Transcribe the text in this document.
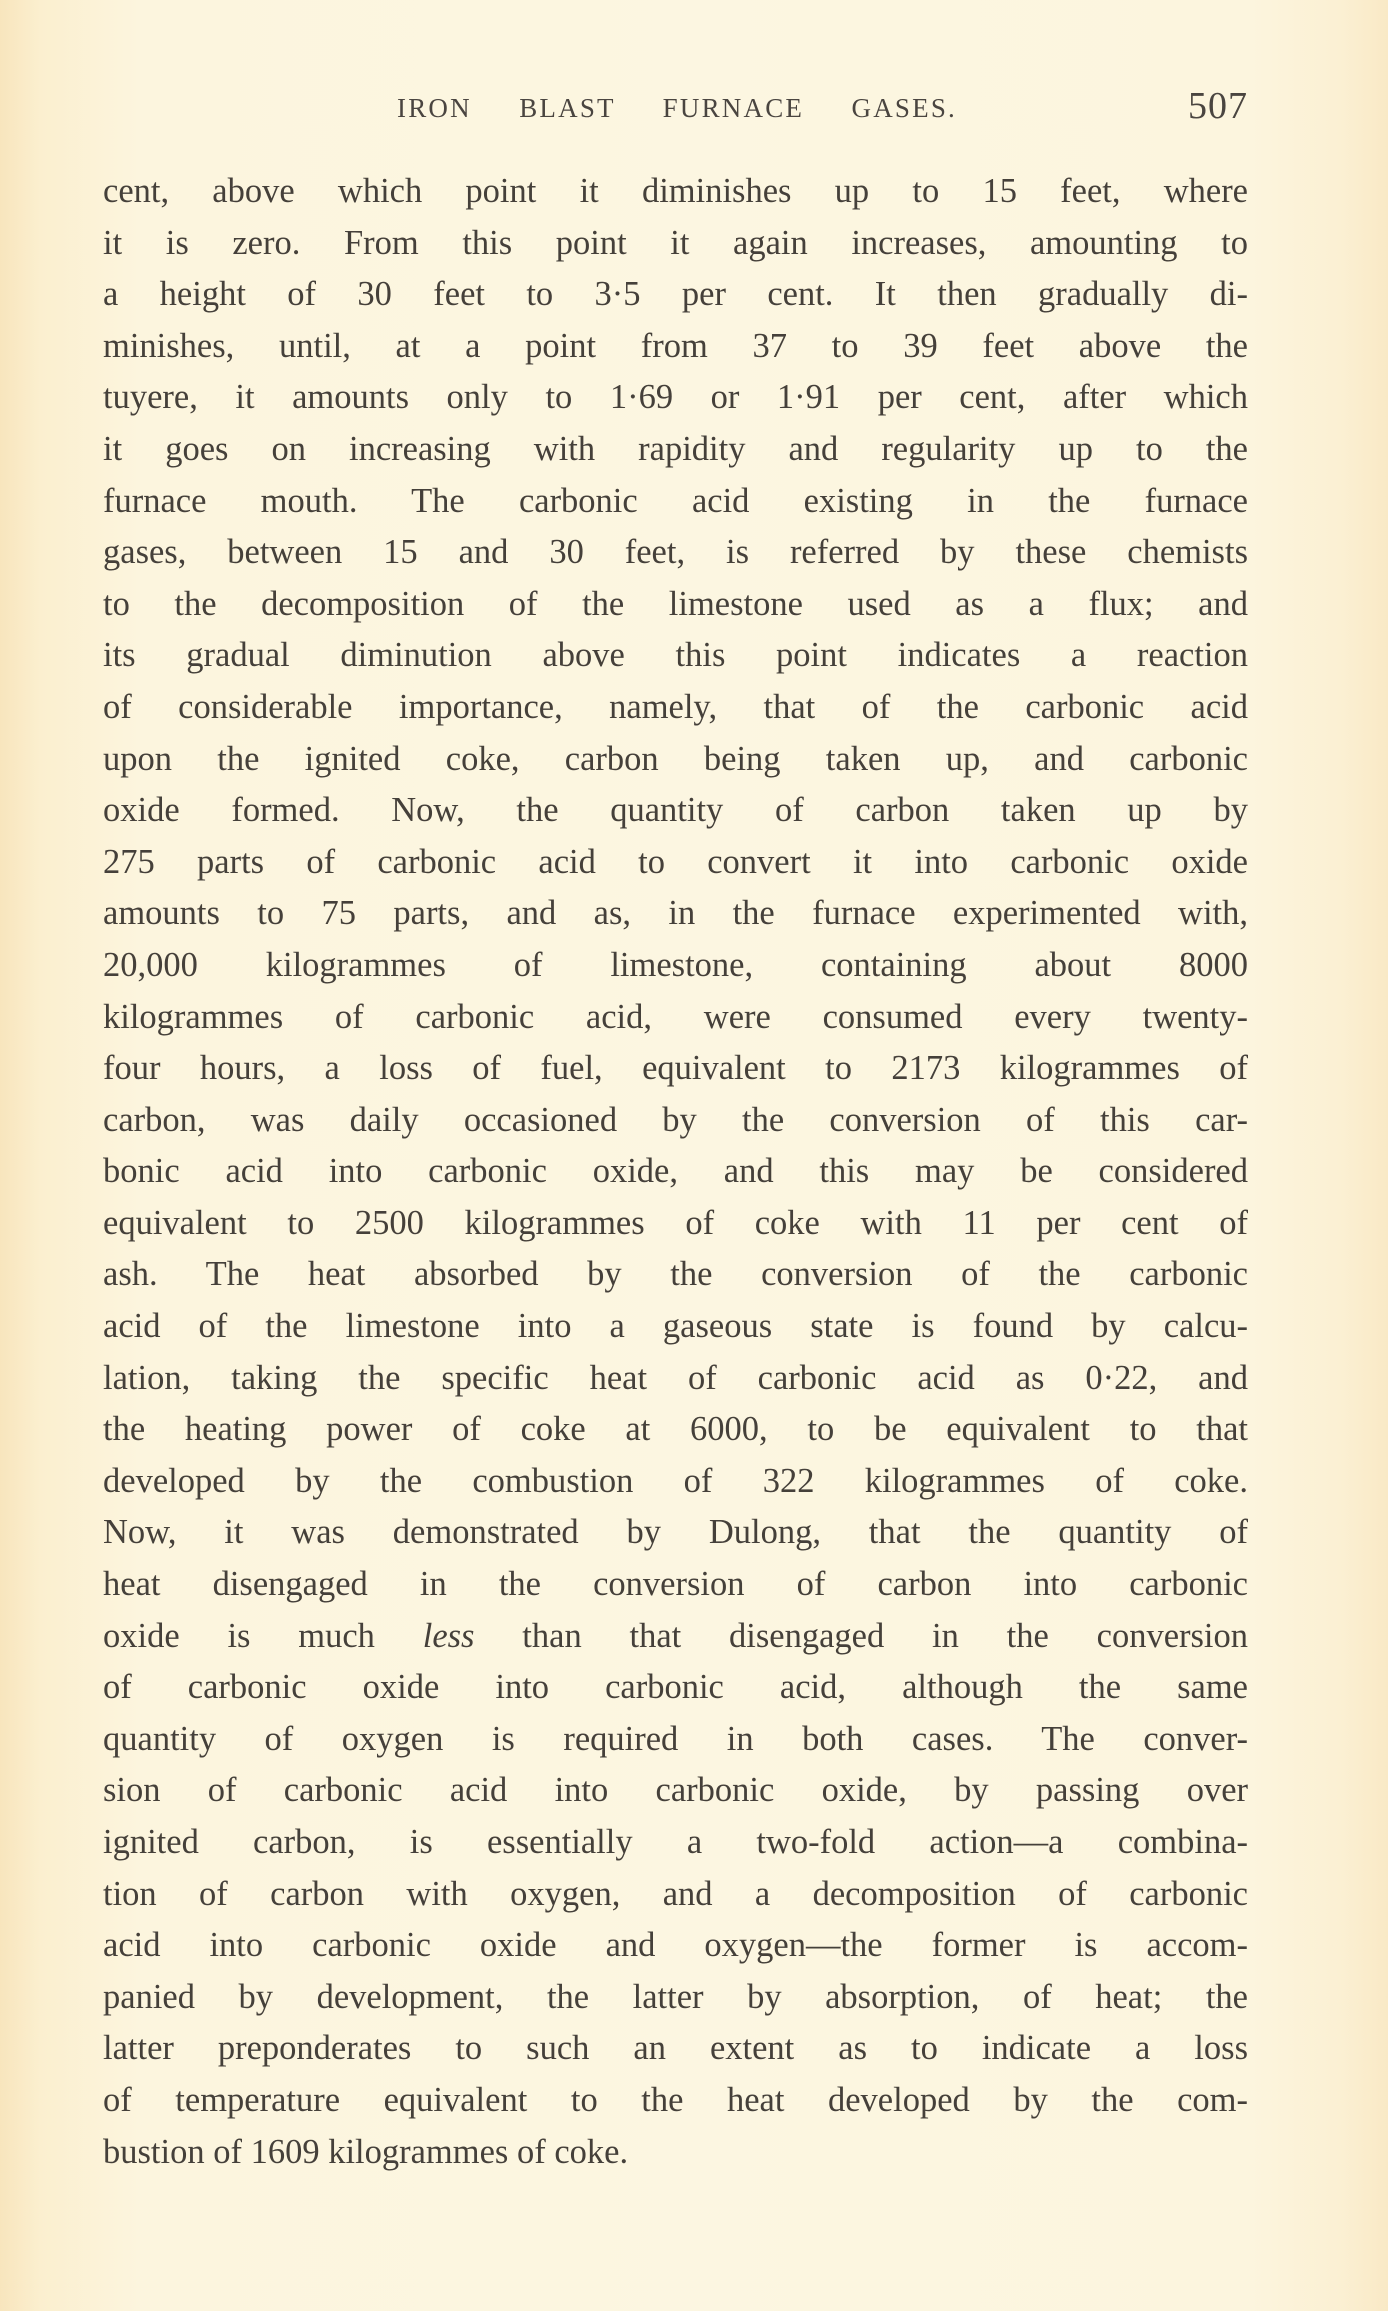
IRON BLAST FURNACE GASES.	507
cent, above which point it diminishes up to 15 feet, where
it is zero. From this point it again increases, amounting to
a height of 30 feet to 3·5 per cent. It then gradually di-
minishes, until, at a point from 37 to 39 feet above the
tuyere, it amounts only to 1·69 or 1·91 per cent, after which
it goes on increasing with rapidity and regularity up to the
furnace mouth. The carbonic acid existing in the furnace
gases, between 15 and 30 feet, is referred by these chemists
to the decomposition of the limestone used as a flux; and
its gradual diminution above this point indicates a reaction
of considerable importance, namely, that of the carbonic acid
upon the ignited coke, carbon being taken up, and carbonic
oxide formed. Now, the quantity of carbon taken up by
275 parts of carbonic acid to convert it into carbonic oxide
amounts to 75 parts, and as, in the furnace experimented with,
20,000 kilogrammes of limestone, containing about 8000
kilogrammes of carbonic acid, were consumed every twenty-
four hours, a loss of fuel, equivalent to 2173 kilogrammes of
carbon, was daily occasioned by the conversion of this car-
bonic acid into carbonic oxide, and this may be considered
equivalent to 2500 kilogrammes of coke with 11 per cent of
ash. The heat absorbed by the conversion of the carbonic
acid of the limestone into a gaseous state is found by calcu-
lation, taking the specific heat of carbonic acid as 0·22, and
the heating power of coke at 6000, to be equivalent to that
developed by the combustion of 322 kilogrammes of coke.
Now, it was demonstrated by Dulong, that the quantity of
heat disengaged in the conversion of carbon into carbonic
oxide is much less than that disengaged in the conversion
of carbonic oxide into carbonic acid, although the same
quantity of oxygen is required in both cases. The conver-
sion of carbonic acid into carbonic oxide, by passing over
ignited carbon, is essentially a two-fold action—a combina-
tion of carbon with oxygen, and a decomposition of carbonic
acid into carbonic oxide and oxygen—the former is accom-
panied by development, the latter by absorption, of heat; the
latter preponderates to such an extent as to indicate a loss
of temperature equivalent to the heat developed by the com-
bustion of 1609 kilogrammes of coke.
